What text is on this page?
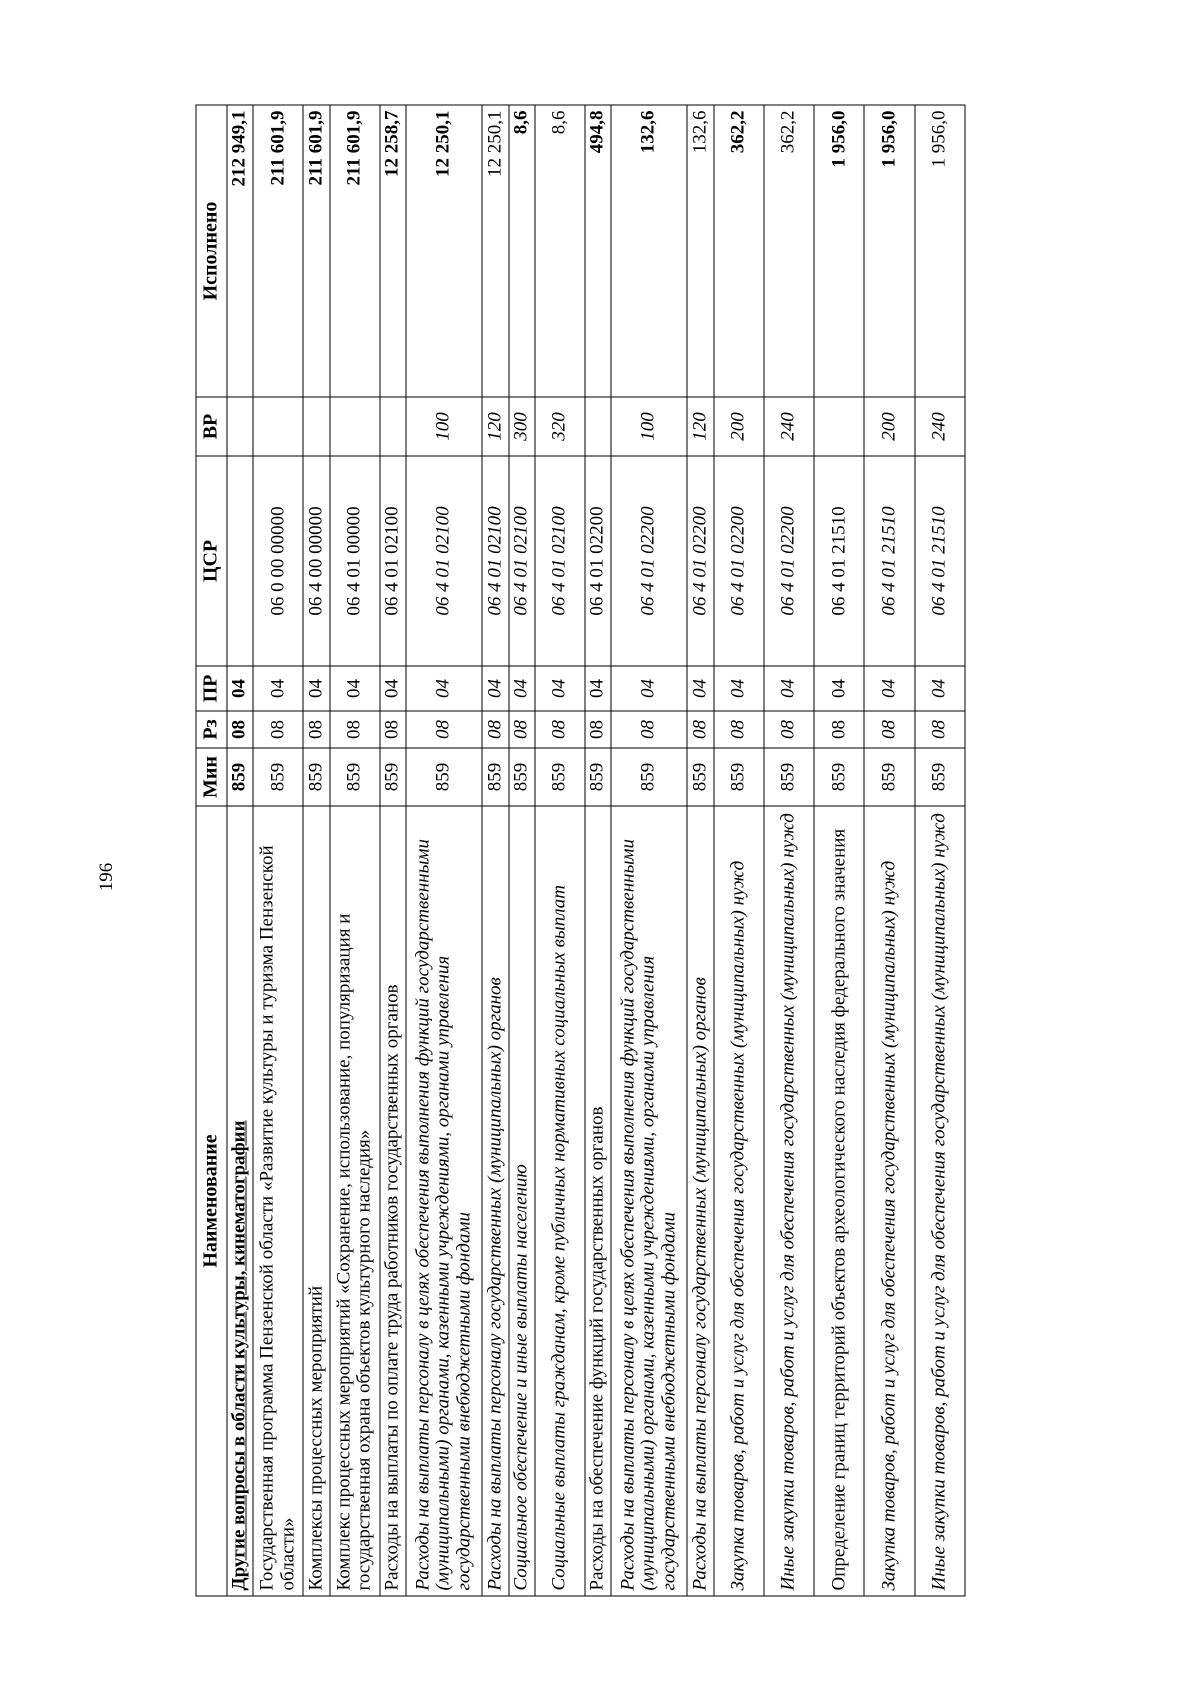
196
Наименование	Мин	Рз	ПР	ЦСР	ВР	Исполнено
Другие вопросы в области культуры, кинематографии	859	08	04			212 949,1
Государственная программа Пензенской области «Развитие культуры и туризма Пензенской области»	859	08	04	06 0 00 00000		211 601,9
Комплексы процессных мероприятий	859	08	04	06 4 00 00000		211 601,9
Комплекс процессных мероприятий «Сохранение, использование, популяризация и государственная охрана объектов культурного наследия»	859	08	04	06 4 01 00000		211 601,9
Расходы на выплаты по оплате труда работников государственных органов	859	08	04	06 4 01 02100		12 258,7
Расходы на выплаты персоналу в целях обеспечения выполнения функций государственными (муниципальными) органами, казенными учреждениями, органами управления государственными внебюджетными фондами	859	08	04	06 4 01 02100	100	12 250,1
Расходы на выплаты персоналу государственных (муниципальных) органов	859	08	04	06 4 01 02100	120	12 250,1
Социальное обеспечение и иные выплаты населению	859	08	04	06 4 01 02100	300	8,6
Социальные выплаты гражданам, кроме публичных нормативных социальных выплат	859	08	04	06 4 01 02100	320	8,6
Расходы на обеспечение функций государственных органов	859	08	04	06 4 01 02200		494,8
Расходы на выплаты персоналу в целях обеспечения выполнения функций государственными (муниципальными) органами, казенными учреждениями, органами управления государственными внебюджетными фондами	859	08	04	06 4 01 02200	100	132,6
Расходы на выплаты персоналу государственных (муниципальных) органов	859	08	04	06 4 01 02200	120	132,6
Закупка товаров, работ и услуг для обеспечения государственных (муниципальных) нужд	859	08	04	06 4 01 02200	200	362,2
Иные закупки товаров, работ и услуг для обеспечения государственных (муниципальных) нужд	859	08	04	06 4 01 02200	240	362,2
Определение границ территорий объектов археологического наследия федерального значения	859	08	04	06 4 01 21510		1 956,0
Закупка товаров, работ и услуг для обеспечения государственных (муниципальных) нужд	859	08	04	06 4 01 21510	200	1 956,0
Иные закупки товаров, работ и услуг для обеспечения государственных (муниципальных) нужд	859	08	04	06 4 01 21510	240	1 956,0
